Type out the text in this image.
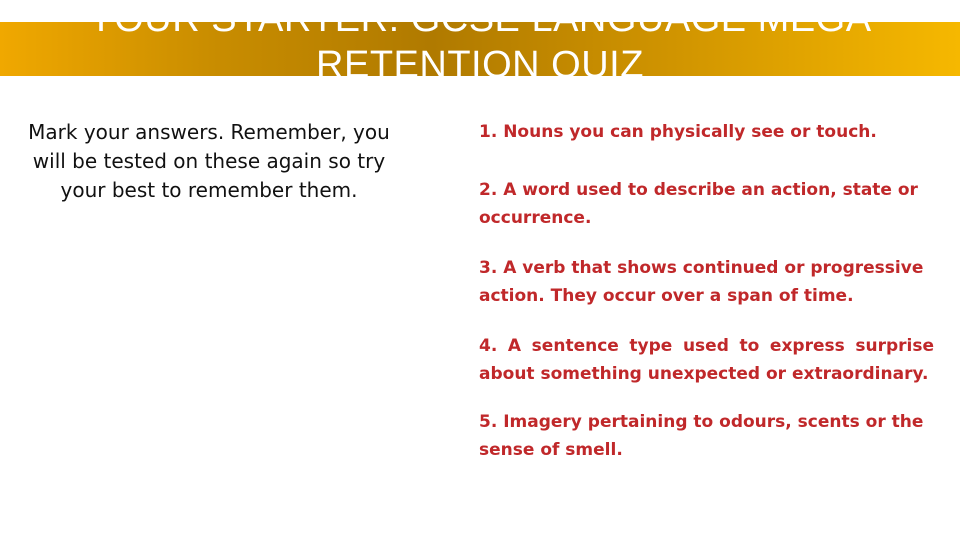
YOUR STARTER: GCSE LANGUAGE MEGA RETENTION QUIZ

Mark your answers. Remember, you will be tested on these again so try your best to remember them.

1. Nouns you can physically see or touch.
2. A word used to describe an action, state or occurrence.
3. A verb that shows continued or progressive action. They occur over a span of time.
4. A sentence type used to express surprise about something unexpected or extraordinary.
5. Imagery pertaining to odours, scents or the sense of smell.
